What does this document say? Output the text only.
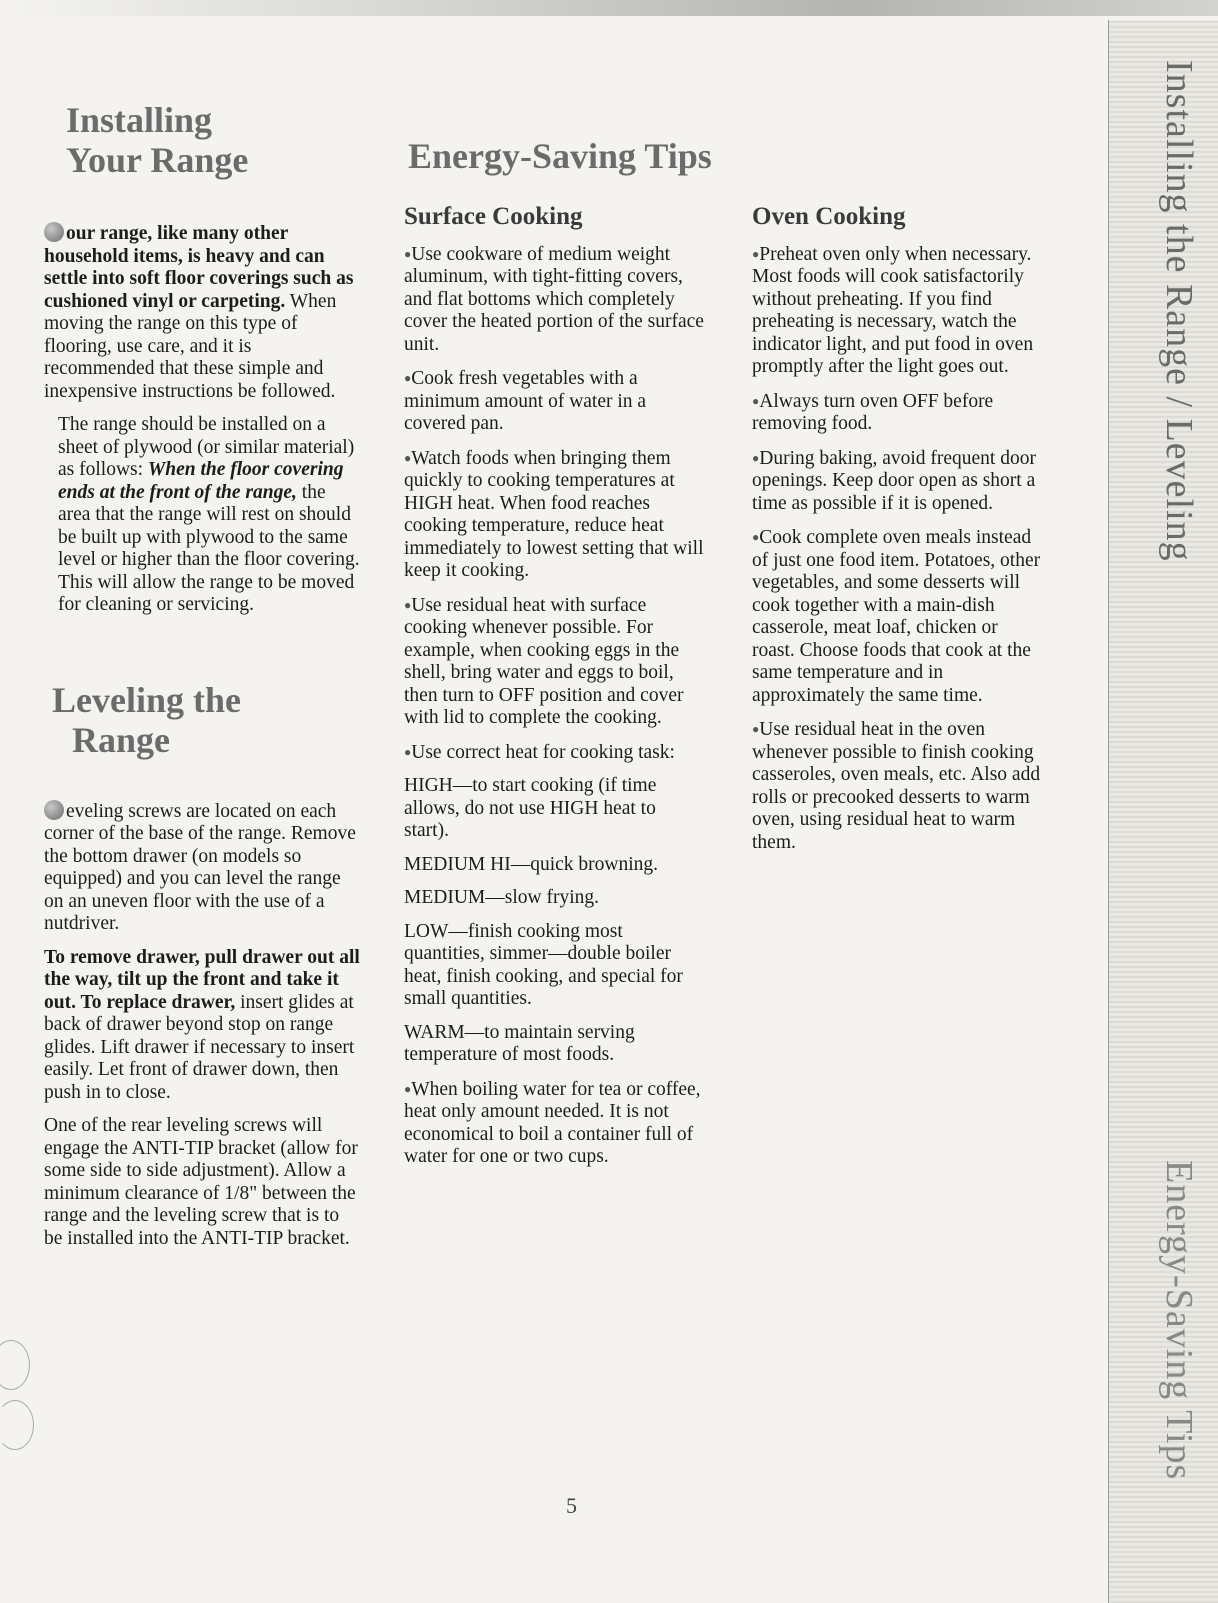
Installing the Range / Leveling
Energy-Saving Tips
Installing
Your Range

our range, like many other household items, is heavy and can settle into soft floor coverings such as cushioned vinyl or carpeting. When moving the range on this type of flooring, use care, and it is recommended that these simple and inexpensive instructions be followed.

The range should be installed on a sheet of plywood (or similar material) as follows: When the floor covering ends at the front of the range, the area that the range will rest on should be built up with plywood to the same level or higher than the floor covering. This will allow the range to be moved for cleaning or servicing.

Leveling the
Range

eveling screws are located on each corner of the base of the range. Remove the bottom drawer (on models so equipped) and you can level the range on an uneven floor with the use of a nutdriver.

To remove drawer, pull drawer out all the way, tilt up the front and take it out. To replace drawer, insert glides at back of drawer beyond stop on range glides. Lift drawer if necessary to insert easily. Let front of drawer down, then push in to close.

One of the rear leveling screws will engage the ANTI-TIP bracket (allow for some side to side adjustment). Allow a minimum clearance of 1/8" between the range and the leveling screw that is to be installed into the ANTI-TIP bracket.

Energy-Saving Tips
Surface Cooking

● Use cookware of medium weight aluminum, with tight-fitting covers, and flat bottoms which completely cover the heated portion of the surface unit.

● Cook fresh vegetables with a minimum amount of water in a covered pan.

● Watch foods when bringing them quickly to cooking temperatures at HIGH heat. When food reaches cooking temperature, reduce heat immediately to lowest setting that will keep it cooking.

● Use residual heat with surface cooking whenever possible. For example, when cooking eggs in the shell, bring water and eggs to boil, then turn to OFF position and cover with lid to complete the cooking.

● Use correct heat for cooking task:

HIGH—to start cooking (if time allows, do not use HIGH heat to start).

MEDIUM HI—quick browning.

MEDIUM—slow frying.

LOW—finish cooking most quantities, simmer—double boiler heat, finish cooking, and special for small quantities.

WARM—to maintain serving temperature of most foods.

● When boiling water for tea or coffee, heat only amount needed. It is not economical to boil a container full of water for one or two cups.

Oven Cooking

● Preheat oven only when necessary. Most foods will cook satisfactorily without preheating. If you find preheating is necessary, watch the indicator light, and put food in oven promptly after the light goes out.

● Always turn oven OFF before removing food.

● During baking, avoid frequent door openings. Keep door open as short a time as possible if it is opened.

● Cook complete oven meals instead of just one food item. Potatoes, other vegetables, and some desserts will cook together with a main-dish casserole, meat loaf, chicken or roast. Choose foods that cook at the same temperature and in approximately the same time.

● Use residual heat in the oven whenever possible to finish cooking casseroles, oven meals, etc. Also add rolls or precooked desserts to warm oven, using residual heat to warm them.

5
